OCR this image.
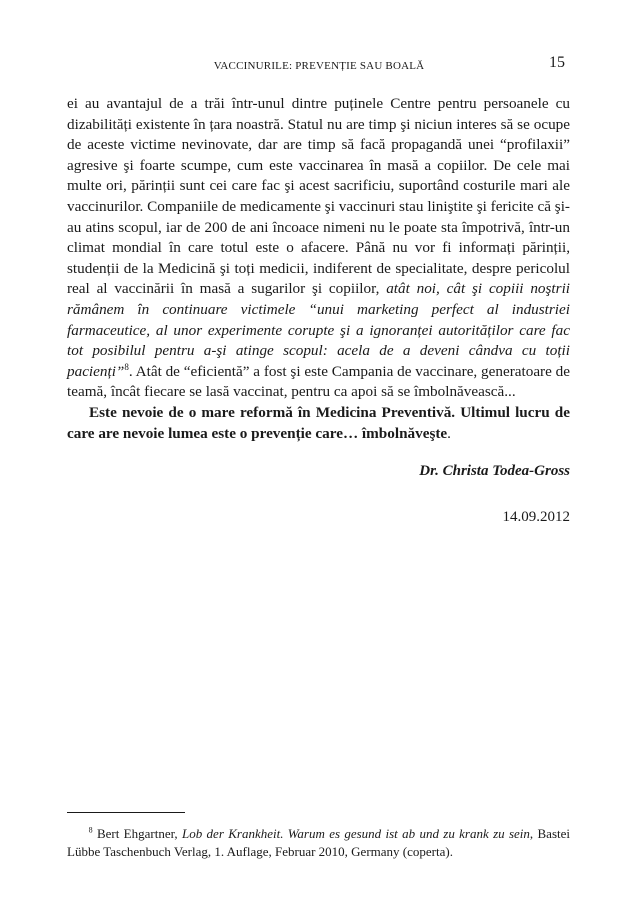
VACCINURILE: PREVENȚIE SAU BOALĂ	15

ei au avantajul de a trăi într-unul dintre puținele Centre pentru persoanele cu dizabilități existente în țara noastră. Statul nu are timp şi niciun interes să se ocupe de aceste victime nevinovate, dar are timp să facă propagandă unei “profilaxii” agresive şi foarte scumpe, cum este vaccinarea în masă a copiilor. De cele mai multe ori, părinții sunt cei care fac şi acest sacrificiu, suportând costurile mari ale vaccinurilor. Companiile de medicamente şi vaccinuri stau liniştite şi fericite că şi-au atins scopul, iar de 200 de ani încoace nimeni nu le poate sta împotrivă, într-un climat mondial în care totul este o afacere. Până nu vor fi informați părinții, studenții de la Medicină şi toți medicii, indiferent de specialitate, despre pericolul real al vaccinării în masă a sugarilor şi copiilor, atât noi, cât şi copiii noştrii rămânem în continuare victimele “unui marketing perfect al industriei farmaceutice, al unor experimente corupte şi a ignoranței autorităților care fac tot posibilul pentru a-şi atinge scopul: acela de a deveni cândva cu toții pacienți”$^8$. Atât de “eficientă” a fost şi este Campania de vaccinare, generatoare de teamă, încât fiecare se lasă vaccinat, pentru ca apoi să se îmbolnăvească...

Este nevoie de o mare reformă în Medicina Preventivă. Ultimul lucru de care are nevoie lumea este o prevenție care… îmbolnăveşte.

Dr. Christa Todea-Gross
14.09.2012
$^8$ Bert Ehgartner, Lob der Krankheit. Warum es gesund ist ab und zu krank zu sein, Bastei Lübbe Taschenbuch Verlag, 1. Auflage, Februar 2010, Germany (coperta).
